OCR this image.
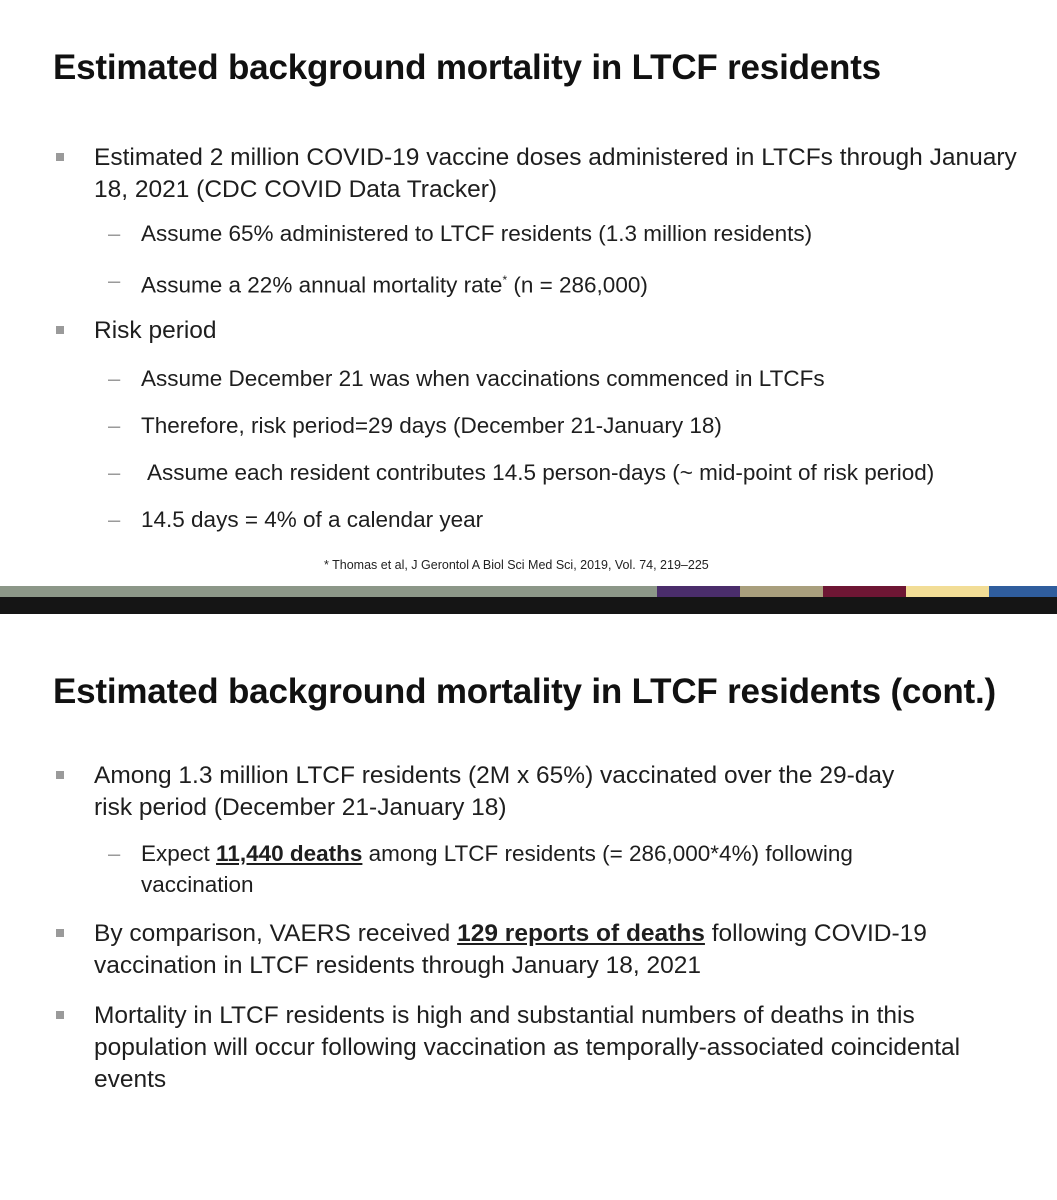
Estimated background mortality in LTCF residents
Estimated 2 million COVID-19 vaccine doses administered in LTCFs through January 18, 2021 (CDC COVID Data Tracker)
– Assume 65% administered to LTCF residents (1.3 million residents)
– Assume a 22% annual mortality rate* (n = 286,000)
Risk period
– Assume December 21 was when vaccinations commenced in LTCFs
– Therefore, risk period=29 days (December 21-January 18)
– Assume each resident contributes 14.5 person-days (~ mid-point of risk period)
– 14.5 days = 4% of a calendar year
* Thomas et al, J Gerontol A Biol Sci Med Sci, 2019, Vol. 74, 219–225
Estimated background mortality in LTCF residents (cont.)
Among 1.3 million LTCF residents (2M x 65%) vaccinated over the 29-day risk period (December 21-January 18)
– Expect 11,440 deaths among LTCF residents (= 286,000*4%) following vaccination
By comparison, VAERS received 129 reports of deaths following COVID-19 vaccination in LTCF residents through January 18, 2021
Mortality in LTCF residents is high and substantial numbers of deaths in this population will occur following vaccination as temporally-associated coincidental events
